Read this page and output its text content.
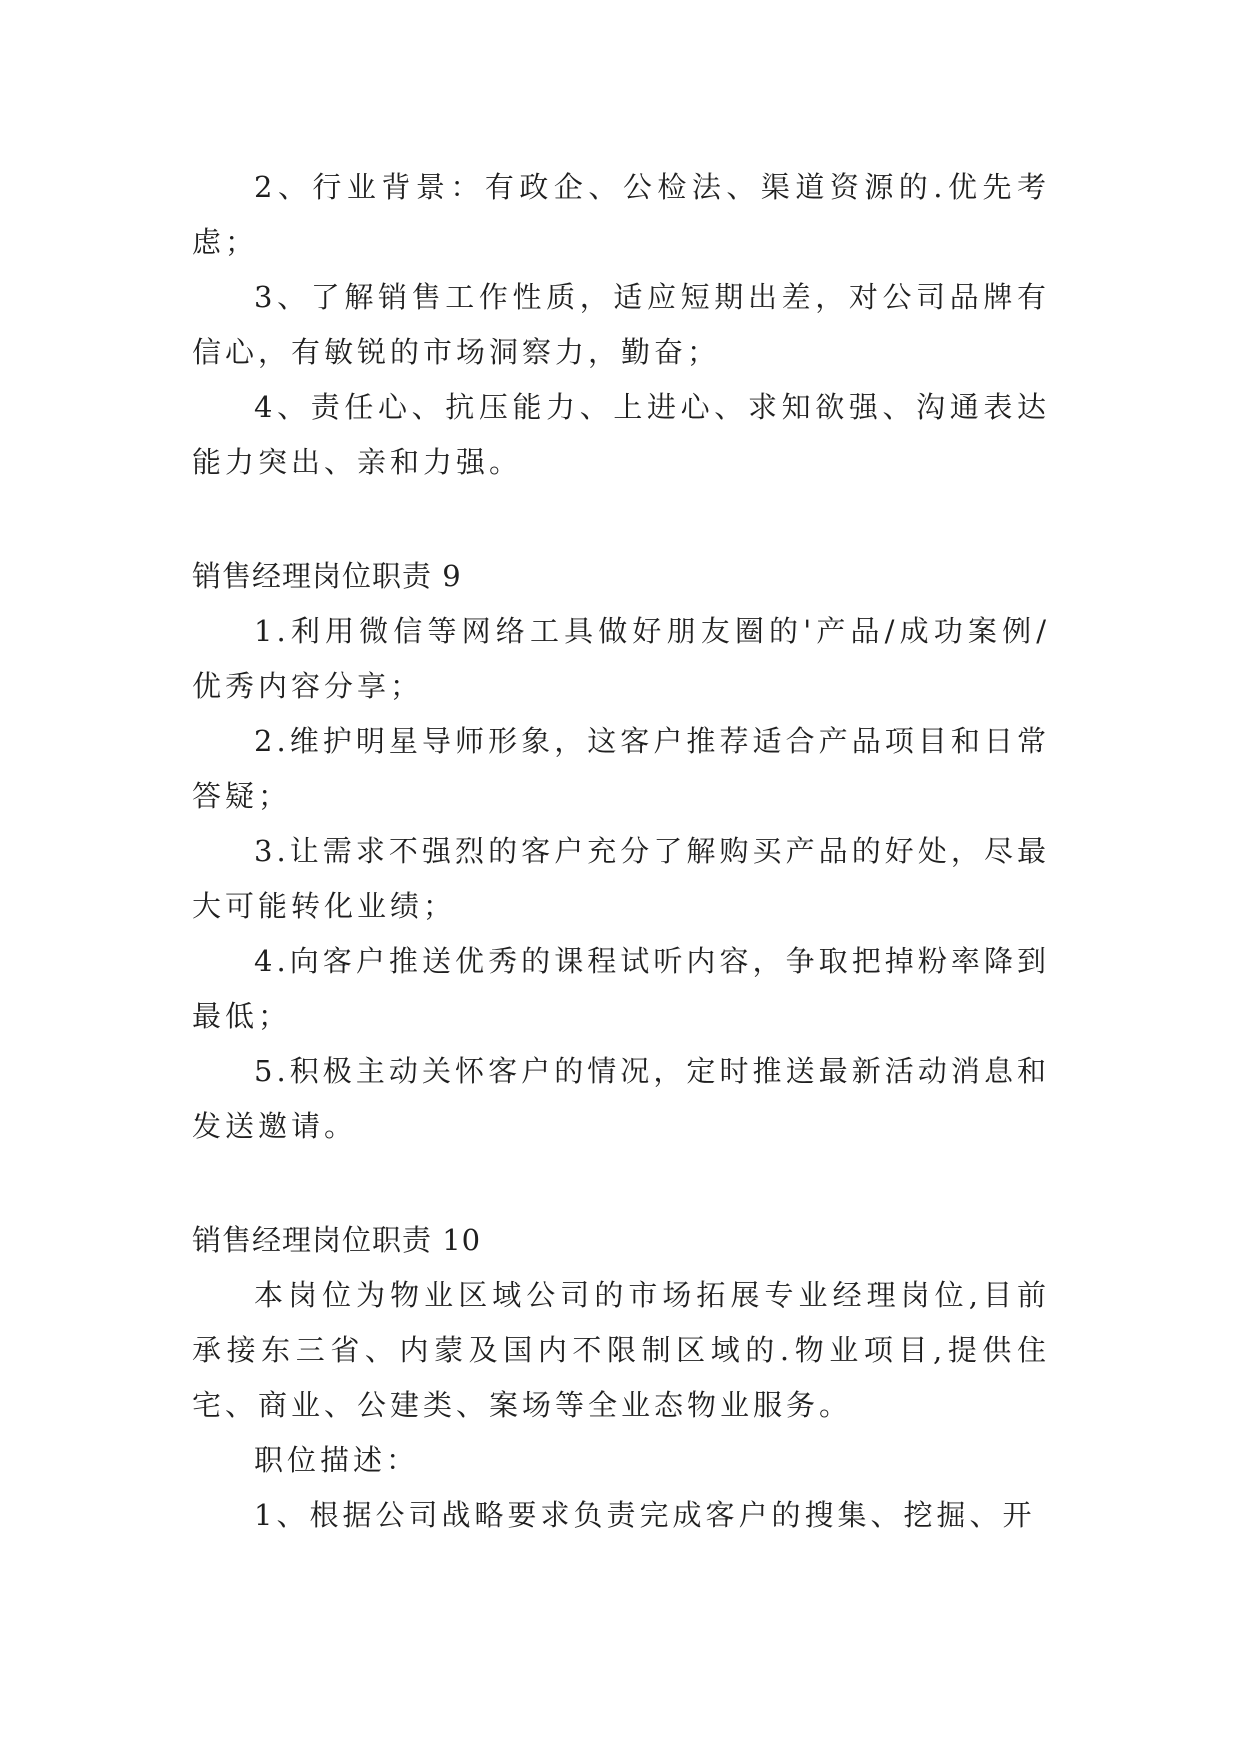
2、行业背景：有政企、公检法、渠道资源的.优先考虑；

3、了解销售工作性质，适应短期出差，对公司品牌有信心，有敏锐的市场洞察力，勤奋；

4、责任心、抗压能力、上进心、求知欲强、沟通表达能力突出、亲和力强。

销售经理岗位职责 9

1.利用微信等网络工具做好朋友圈的'产品/成功案例/优秀内容分享；

2.维护明星导师形象，这客户推荐适合产品项目和日常答疑；

3.让需求不强烈的客户充分了解购买产品的好处，尽最大可能转化业绩；

4.向客户推送优秀的课程试听内容，争取把掉粉率降到最低；

5.积极主动关怀客户的情况，定时推送最新活动消息和发送邀请。

销售经理岗位职责 10

本岗位为物业区域公司的市场拓展专业经理岗位,目前承接东三省、内蒙及国内不限制区域的.物业项目,提供住宅、商业、公建类、案场等全业态物业服务。

职位描述：

1、根据公司战略要求负责完成客户的搜集、挖掘、开
